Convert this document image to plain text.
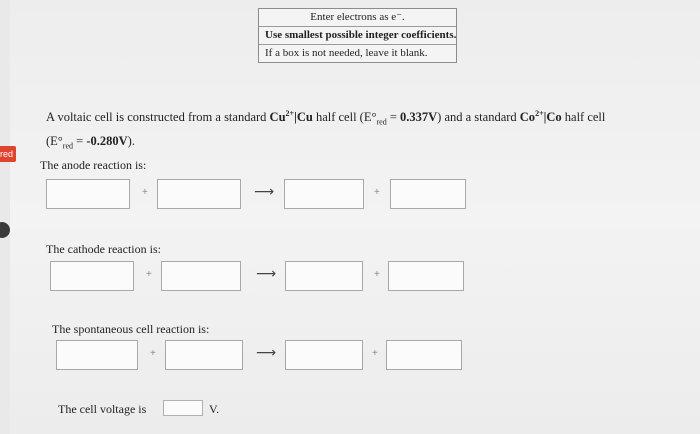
Enter electrons as e⁻.
Use smallest possible integer coefficients.
If a box is not needed, leave it blank.
A voltaic cell is constructed from a standard $Cu^{2+}|Cu$ half cell $(E^\circ_{red} = 0.337V)$ and a standard $Co^{2+}|Co$ half cell
$(E^\circ_{red} = -0.280V)$.
The anode reaction is:
+	⟶	+
The cathode reaction is:
+	⟶	+
The spontaneous cell reaction is:
+	⟶	+
The cell voltage is	V.
red
